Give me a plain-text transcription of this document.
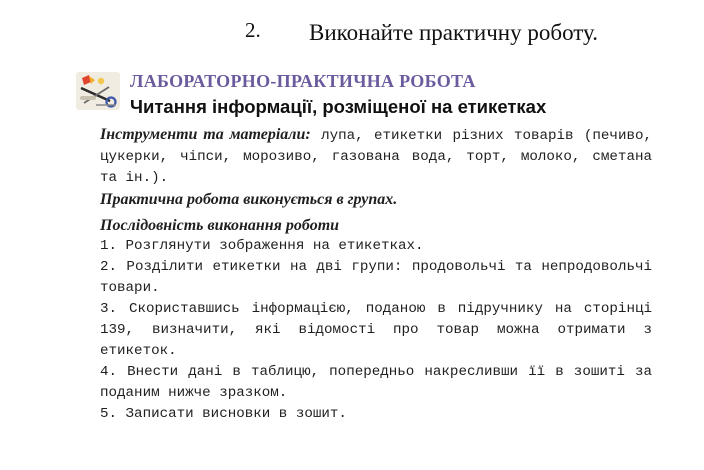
2. Виконайте практичну роботу.
ЛАБОРАТОРНО-ПРАКТИЧНА РОБОТА
Читання інформації, розміщеної на етикетках

Інструменти та матеріали: лупа, етикетки різних товарів (печиво, цукерки, чіпси, морозиво, газована вода, торт, молоко, сметана та ін.).

Практична робота виконується в групах.

Послідовність виконання роботи

1. Розглянути зображення на етикетках.

2. Розділити етикетки на дві групи: продовольчі та непродовольчі товари.

3. Скориставшись інформацією, поданою в підручнику на сторінці 139, визначити, які відомості про товар можна отримати з етикеток.

4. Внести дані в таблицю, попередньо накресливши її в зошиті за поданим нижче зразком.

5. Записати висновки в зошит.
